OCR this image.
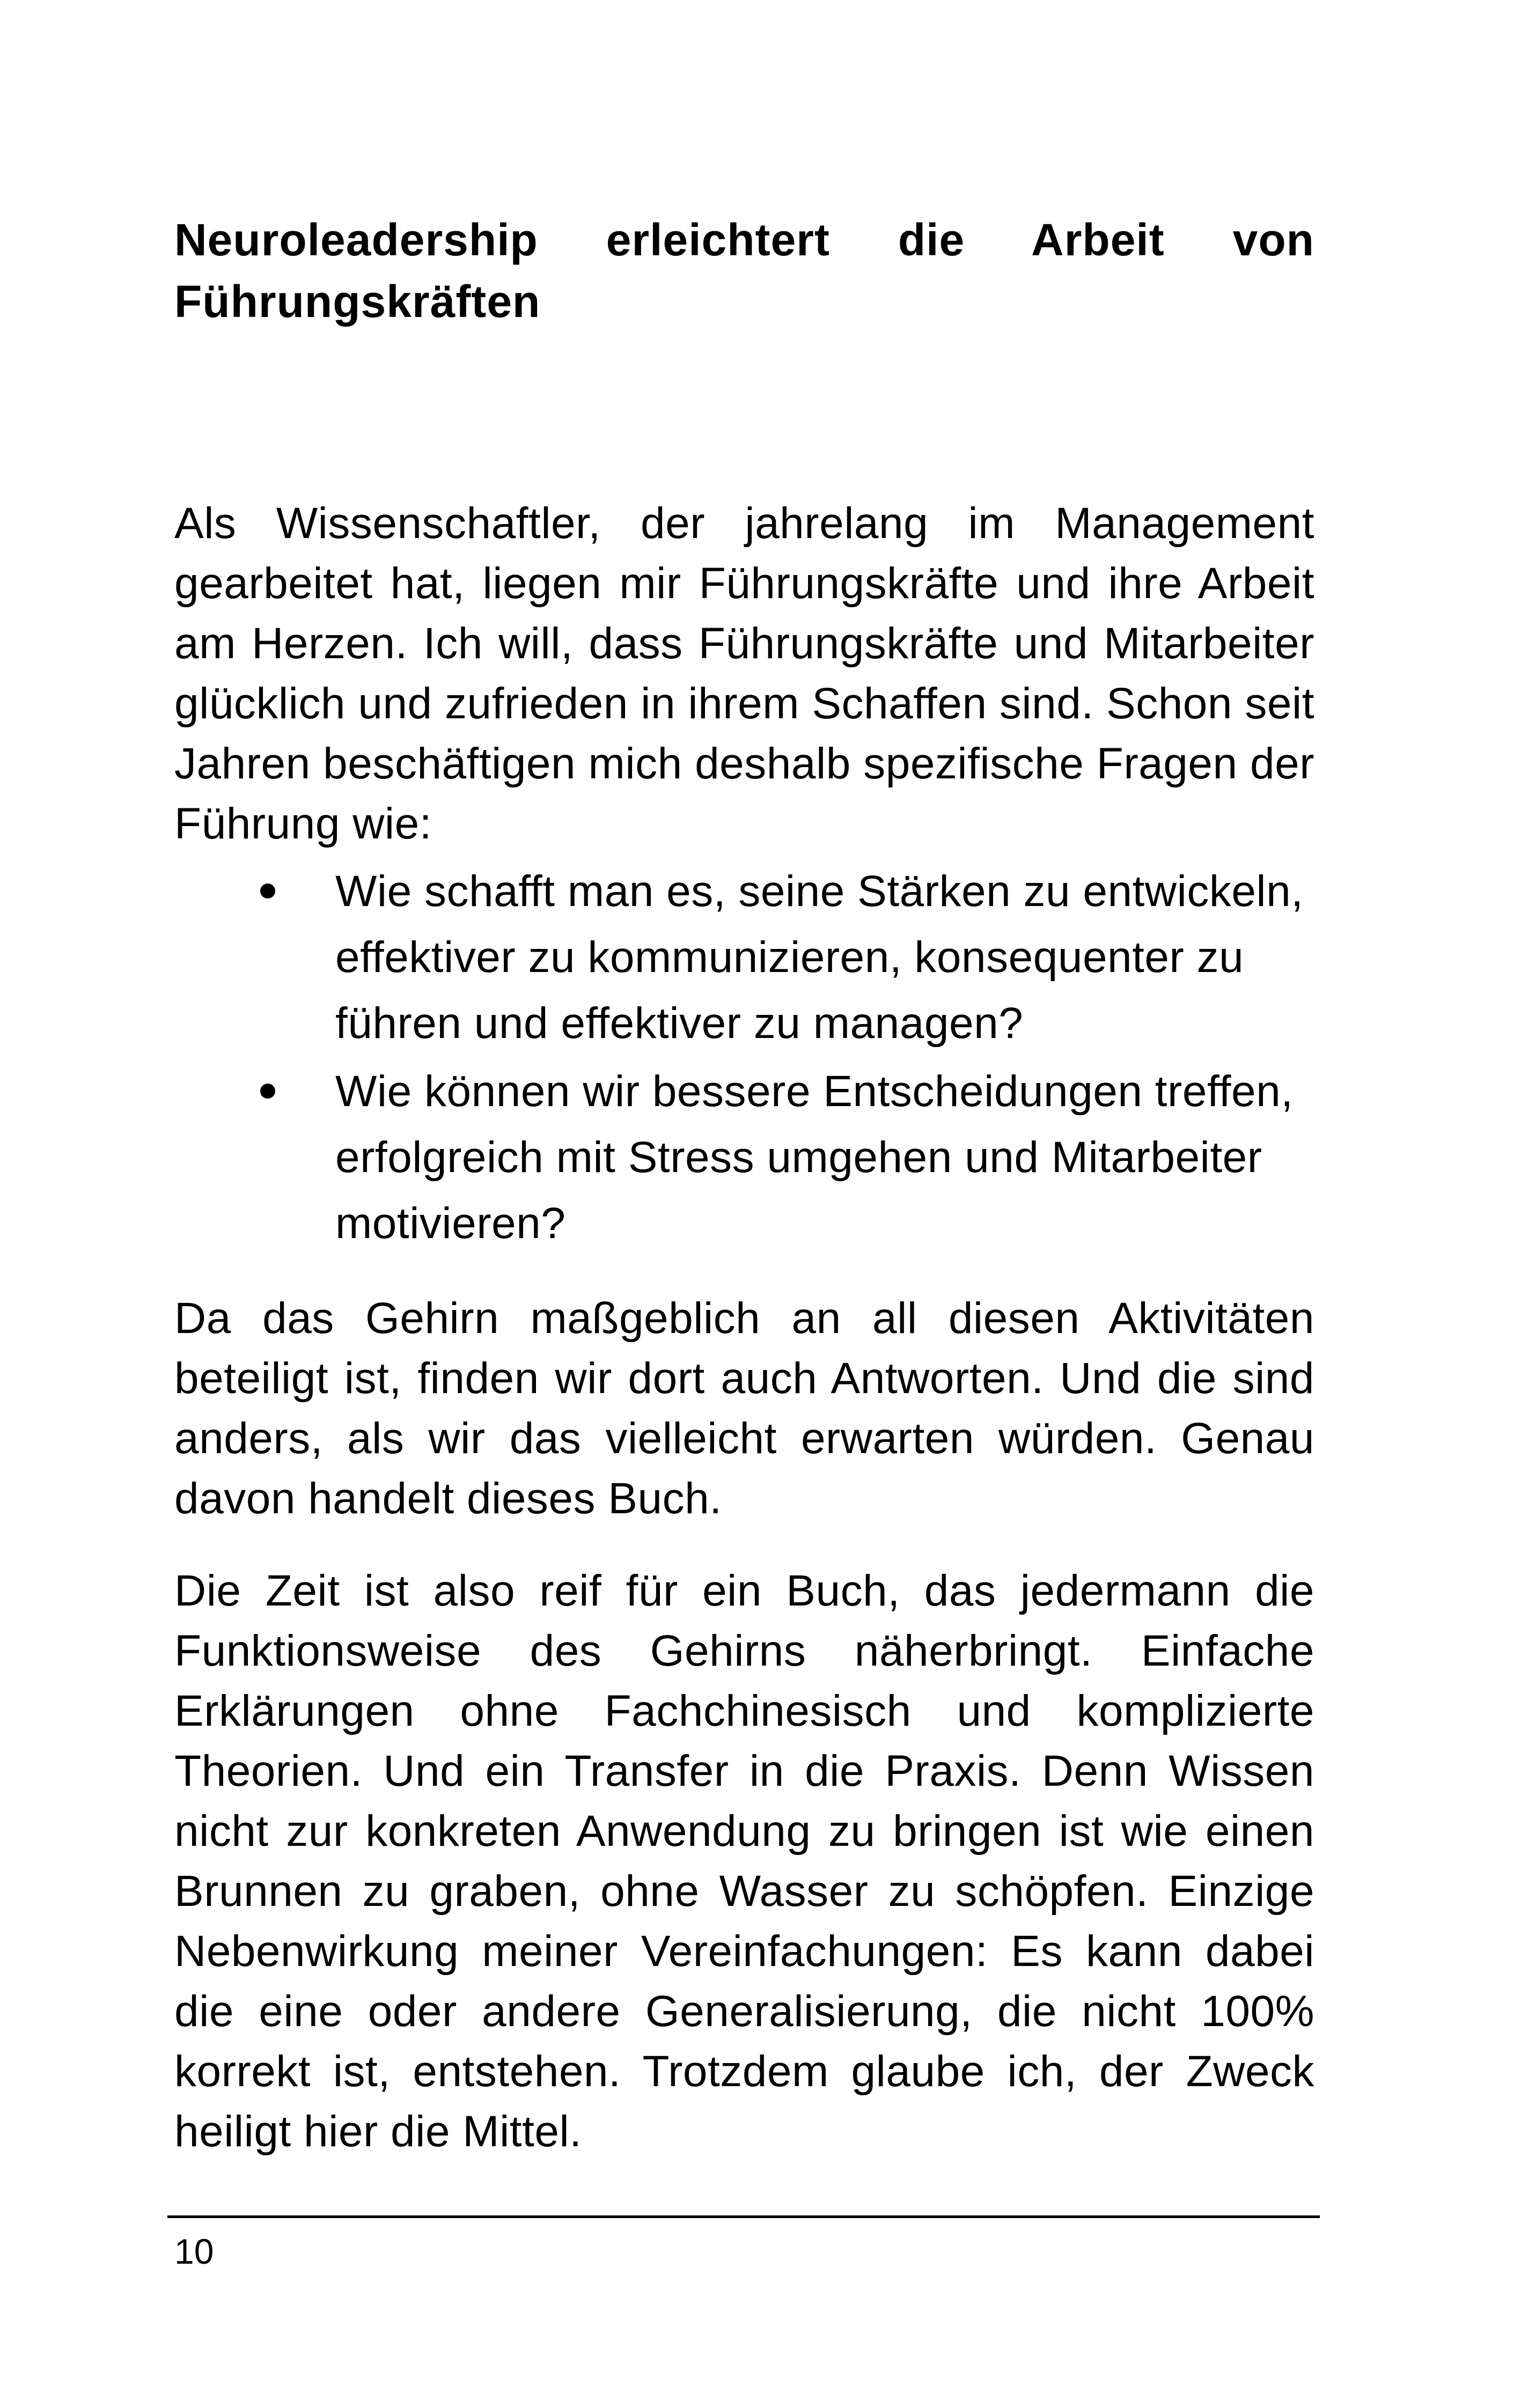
Neuroleadership erleichtert die Arbeit von Führungskräften

Als Wissenschaftler, der jahrelang im Management gearbeitet hat, liegen mir Führungskräfte und ihre Arbeit am Herzen. Ich will, dass Führungskräfte und Mitarbeiter glücklich und zufrieden in ihrem Schaffen sind. Schon seit Jahren beschäftigen mich deshalb spezifische Fragen der Führung wie:

Wie schafft man es, seine Stärken zu entwickeln, effektiver zu kommunizieren, konsequenter zu führen und effektiver zu managen?
Wie können wir bessere Entscheidungen treffen, erfolgreich mit Stress umgehen und Mitarbeiter motivieren?

Da das Gehirn maßgeblich an all diesen Aktivitäten beteiligt ist, finden wir dort auch Antworten. Und die sind anders, als wir das vielleicht erwarten würden. Genau davon handelt dieses Buch.

Die Zeit ist also reif für ein Buch, das jedermann die Funktionsweise des Gehirns näherbringt. Einfache Erklärungen ohne Fachchinesisch und komplizierte Theorien. Und ein Transfer in die Praxis. Denn Wissen nicht zur konkreten Anwendung zu bringen ist wie einen Brunnen zu graben, ohne Wasser zu schöpfen. Einzige Nebenwirkung meiner Vereinfachungen: Es kann dabei die eine oder andere Generalisierung, die nicht 100% korrekt ist, entstehen. Trotzdem glaube ich, der Zweck heiligt hier die Mittel.

10
